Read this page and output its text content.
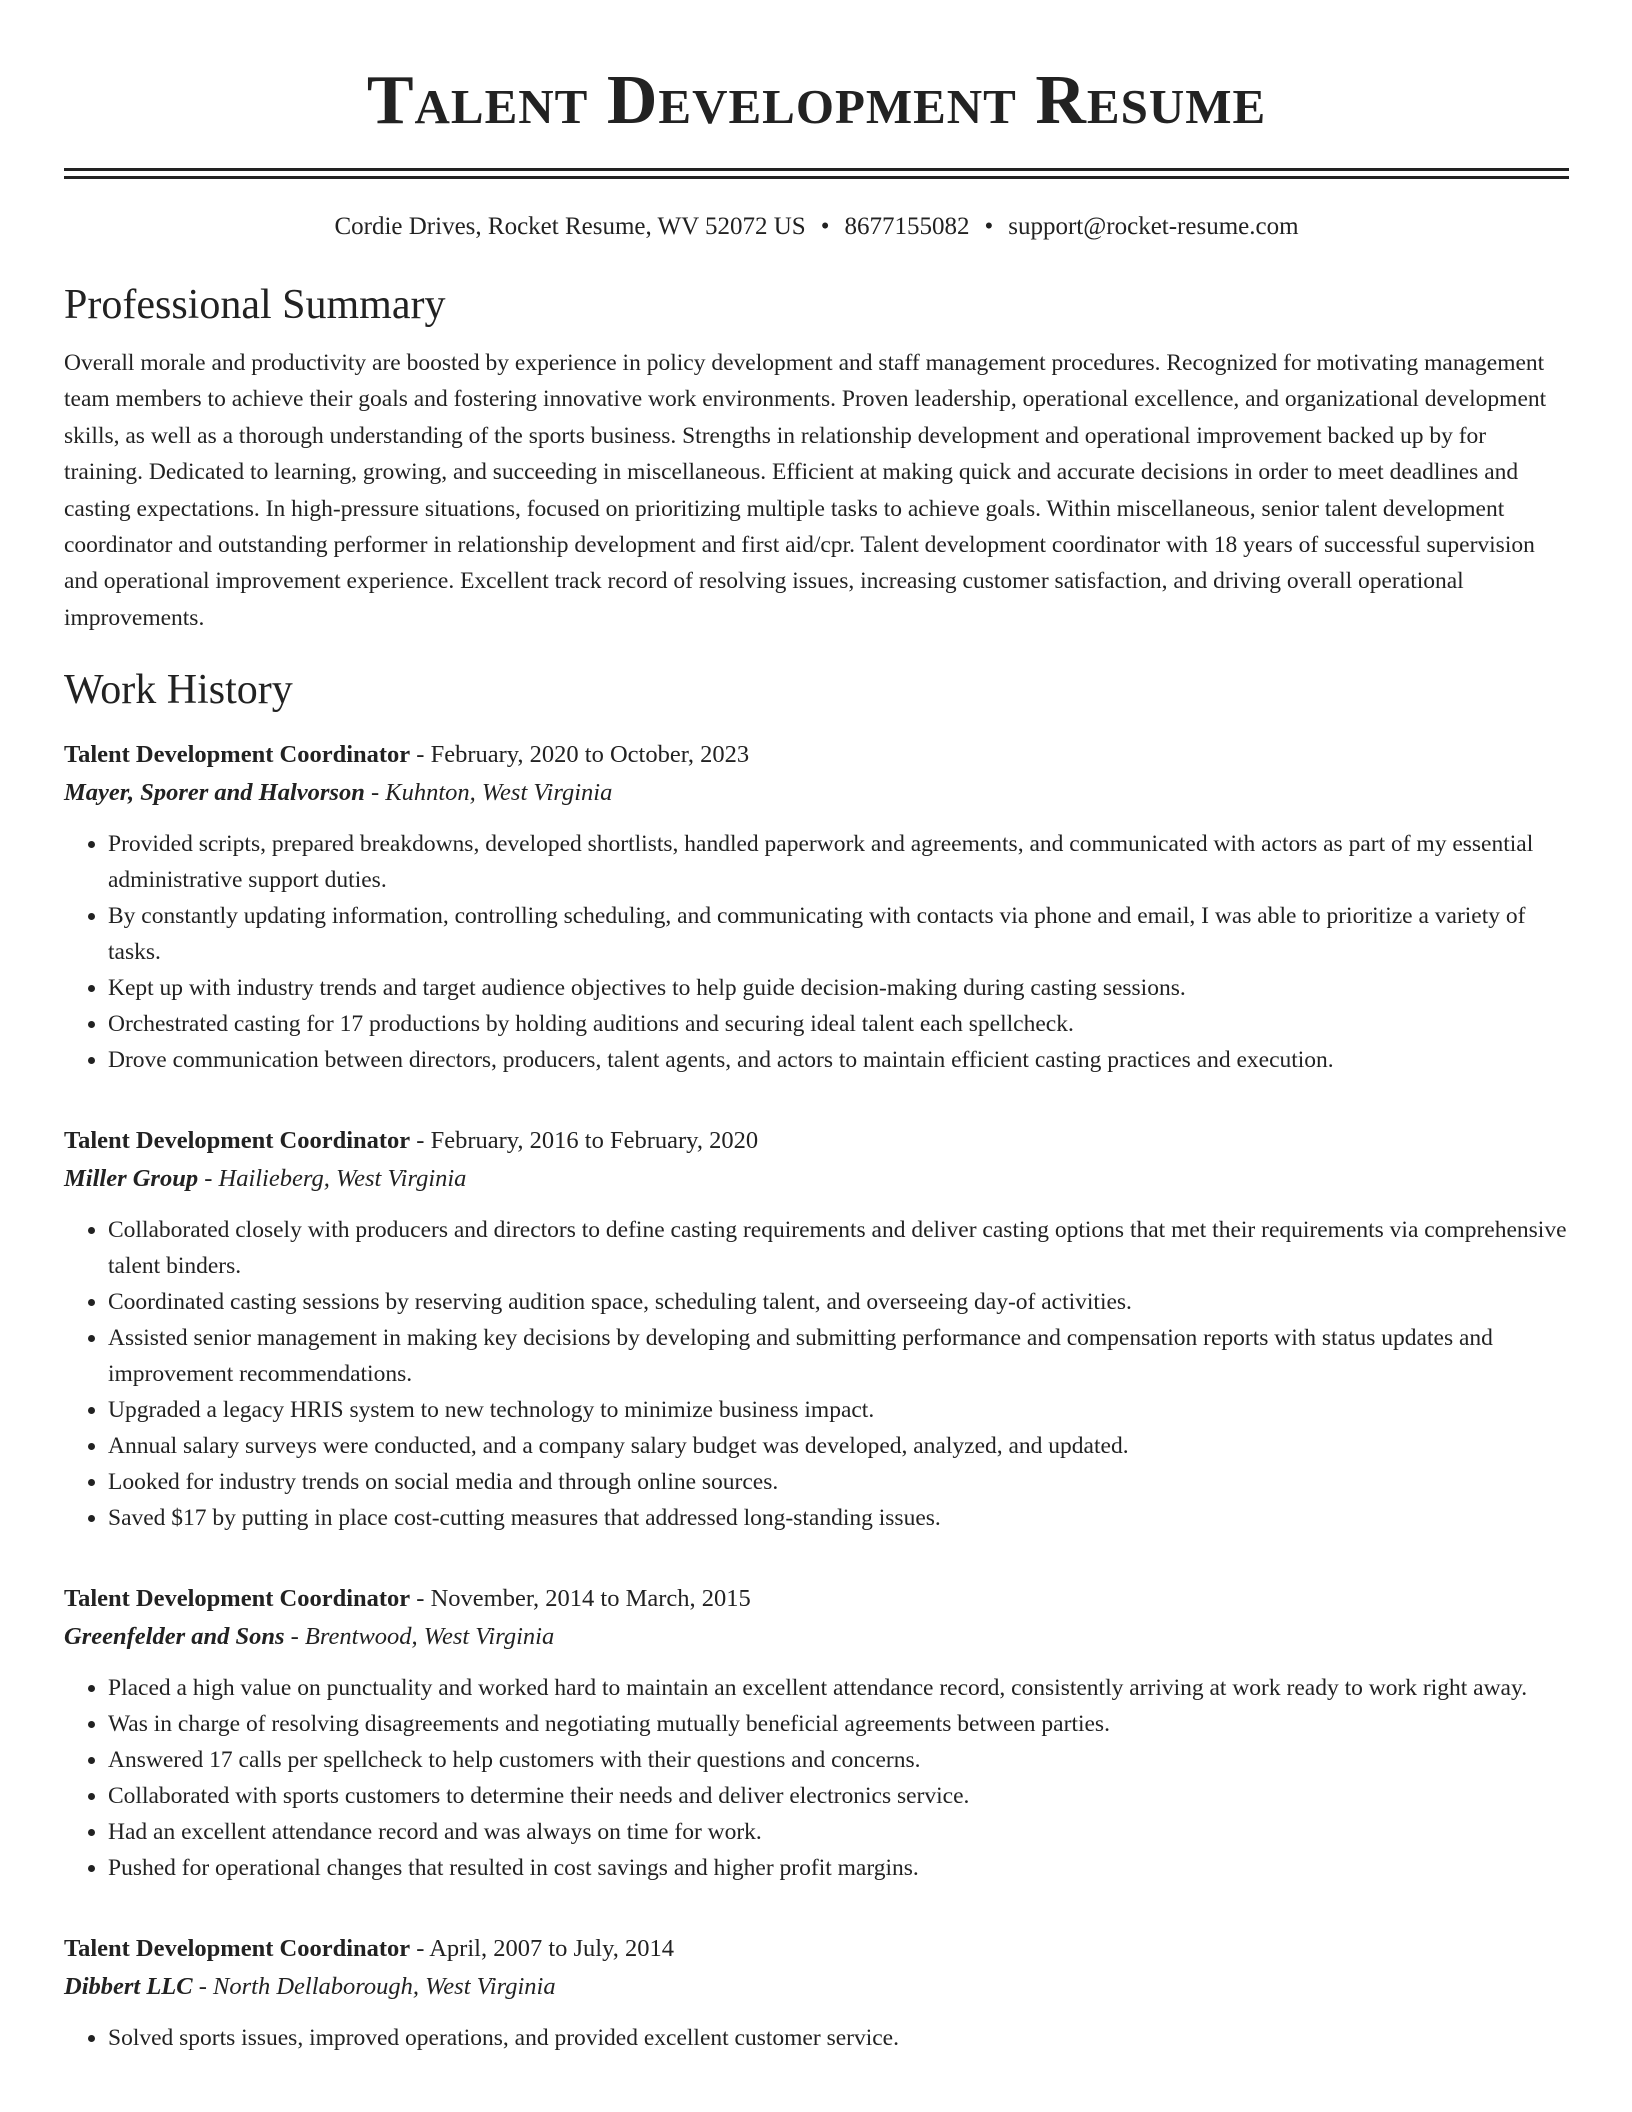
Talent Development Resume
Cordie Drives, Rocket Resume, WV 52072 US • 8677155082 • support@rocket-resume.com
Professional Summary

Overall morale and productivity are boosted by experience in policy development and staff management procedures. Recognized for motivating management team members to achieve their goals and fostering innovative work environments. Proven leadership, operational excellence, and organizational development skills, as well as a thorough understanding of the sports business. Strengths in relationship development and operational improvement backed up by for training. Dedicated to learning, growing, and succeeding in miscellaneous. Efficient at making quick and accurate decisions in order to meet deadlines and casting expectations. In high-pressure situations, focused on prioritizing multiple tasks to achieve goals. Within miscellaneous, senior talent development coordinator and outstanding performer in relationship development and first aid/cpr. Talent development coordinator with 18 years of successful supervision and operational improvement experience. Excellent track record of resolving issues, increasing customer satisfaction, and driving overall operational improvements.

Work History
Talent Development Coordinator - February, 2020 to October, 2023
Mayer, Sporer and Halvorson - Kuhnton, West Virginia
• Provided scripts, prepared breakdowns, developed shortlists, handled paperwork and agreements, and communicated with actors as part of my essential administrative support duties.
• By constantly updating information, controlling scheduling, and communicating with contacts via phone and email, I was able to prioritize a variety of tasks.
• Kept up with industry trends and target audience objectives to help guide decision-making during casting sessions.
• Orchestrated casting for 17 productions by holding auditions and securing ideal talent each spellcheck.
• Drove communication between directors, producers, talent agents, and actors to maintain efficient casting practices and execution.
Talent Development Coordinator - February, 2016 to February, 2020
Miller Group - Hailieberg, West Virginia
• Collaborated closely with producers and directors to define casting requirements and deliver casting options that met their requirements via comprehensive talent binders.
• Coordinated casting sessions by reserving audition space, scheduling talent, and overseeing day-of activities.
• Assisted senior management in making key decisions by developing and submitting performance and compensation reports with status updates and improvement recommendations.
• Upgraded a legacy HRIS system to new technology to minimize business impact.
• Annual salary surveys were conducted, and a company salary budget was developed, analyzed, and updated.
• Looked for industry trends on social media and through online sources.
• Saved $17 by putting in place cost-cutting measures that addressed long-standing issues.
Talent Development Coordinator - November, 2014 to March, 2015
Greenfelder and Sons - Brentwood, West Virginia
• Placed a high value on punctuality and worked hard to maintain an excellent attendance record, consistently arriving at work ready to work right away.
• Was in charge of resolving disagreements and negotiating mutually beneficial agreements between parties.
• Answered 17 calls per spellcheck to help customers with their questions and concerns.
• Collaborated with sports customers to determine their needs and deliver electronics service.
• Had an excellent attendance record and was always on time for work.
• Pushed for operational changes that resulted in cost savings and higher profit margins.
Talent Development Coordinator - April, 2007 to July, 2014
Dibbert LLC - North Dellaborough, West Virginia
• Solved sports issues, improved operations, and provided excellent customer service.
